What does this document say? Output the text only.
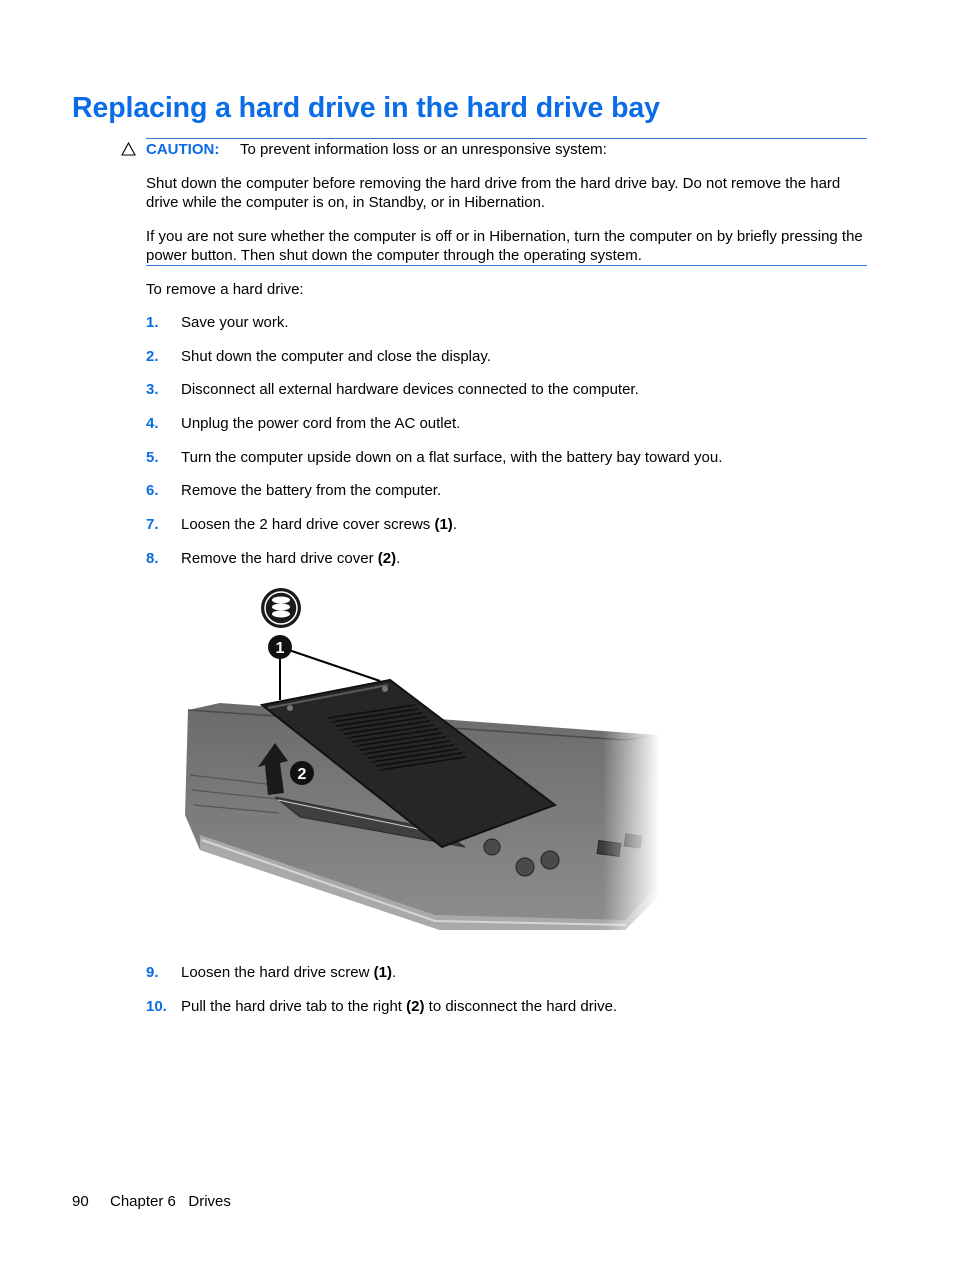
Replacing a hard drive in the hard drive bay
CAUTION: To prevent information loss or an unresponsive system:

Shut down the computer before removing the hard drive from the hard drive bay. Do not remove the hard drive while the computer is on, in Standby, or in Hibernation.

If you are not sure whether the computer is off or in Hibernation, turn the computer on by briefly pressing the power button. Then shut down the computer through the operating system.

To remove a hard drive:

1. Save your work.
2. Shut down the computer and close the display.
3. Disconnect all external hardware devices connected to the computer.
4. Unplug the power cord from the AC outlet.
5. Turn the computer upside down on a flat surface, with the battery bay toward you.
6. Remove the battery from the computer.
7. Loosen the 2 hard drive cover screws (1).
8. Remove the hard drive cover (2).
1
2
9. Loosen the hard drive screw (1).
10. Pull the hard drive tab to the right (2) to disconnect the hard drive.
90 Chapter 6   Drives
